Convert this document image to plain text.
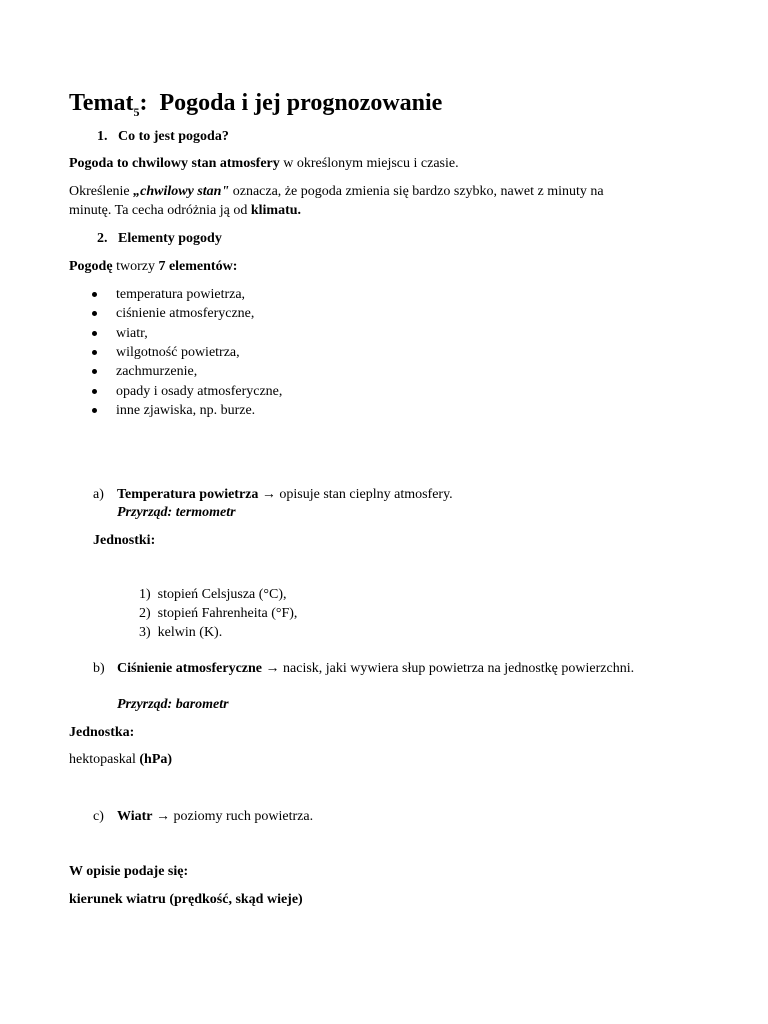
Temat$_5$: Pogoda i jej prognozowanie
1. Co to jest pogoda?
Pogoda to chwilowy stan atmosfery w określonym miejscu i czasie.
Określenie „chwilowy stan" oznacza, że pogoda zmienia się bardzo szybko, nawet z minuty na
minutę. Ta cecha odróżnia ją od klimatu.
2. Elementy pogody
Pogodę tworzy 7 elementów:
temperatura powietrza,
ciśnienie atmosferyczne,
wiatr,
wilgotność powietrza,
zachmurzenie,
opady i osady atmosferyczne,
inne zjawiska, np. burze.
a) Temperatura powietrza → opisuje stan cieplny atmosfery.
Przyrząd: termometr
Jednostki:
1) stopień Celsjusza (°C),
2) stopień Fahrenheita (°F),
3) kelwin (K).
b) Ciśnienie atmosferyczne → nacisk, jaki wywiera słup powietrza na jednostkę powierzchni.
Przyrząd: barometr
Jednostka:
hektopaskal (hPa)
c) Wiatr → poziomy ruch powietrza.
W opisie podaje się:
kierunek wiatru (prędkość, skąd wieje)
